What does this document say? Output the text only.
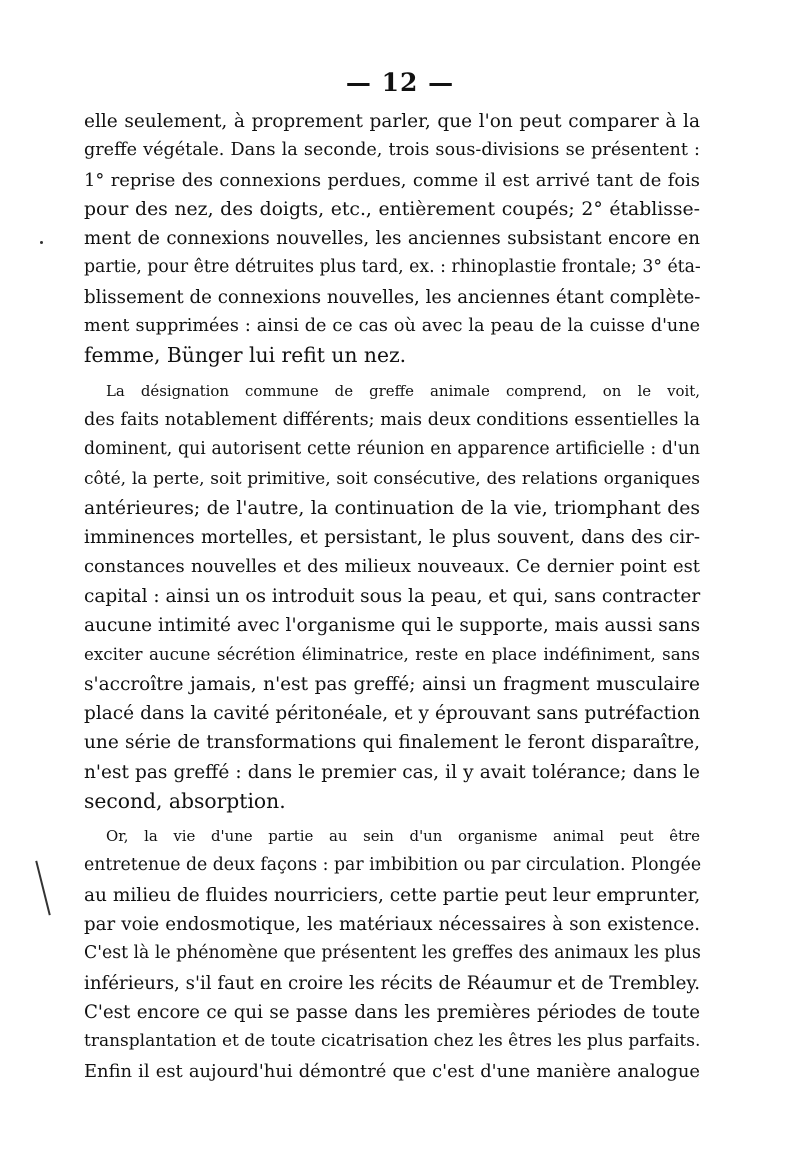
— 12 —
elle seulement, à proprement parler, que l'on peut comparer à la
greffe végétale. Dans la seconde, trois sous-divisions se présentent :
1° reprise des connexions perdues, comme il est arrivé tant de fois
pour des nez, des doigts, etc., entièrement coupés; 2° établisse-
ment de connexions nouvelles, les anciennes subsistant encore en
partie, pour être détruites plus tard, ex. : rhinoplastie frontale; 3° éta-
blissement de connexions nouvelles, les anciennes étant complète-
ment supprimées : ainsi de ce cas où avec la peau de la cuisse d'une
femme, Bünger lui refit un nez.
La désignation commune de greffe animale comprend, on le voit,
des faits notablement différents; mais deux conditions essentielles la
dominent, qui autorisent cette réunion en apparence artificielle : d'un
côté, la perte, soit primitive, soit consécutive, des relations organiques
antérieures; de l'autre, la continuation de la vie, triomphant des
imminences mortelles, et persistant, le plus souvent, dans des cir-
constances nouvelles et des milieux nouveaux. Ce dernier point est
capital : ainsi un os introduit sous la peau, et qui, sans contracter
aucune intimité avec l'organisme qui le supporte, mais aussi sans
exciter aucune sécrétion éliminatrice, reste en place indéfiniment, sans
s'accroître jamais, n'est pas greffé; ainsi un fragment musculaire
placé dans la cavité péritonéale, et y éprouvant sans putréfaction
une série de transformations qui finalement le feront disparaître,
n'est pas greffé : dans le premier cas, il y avait tolérance; dans le
second, absorption.
Or, la vie d'une partie au sein d'un organisme animal peut être
entretenue de deux façons : par imbibition ou par circulation. Plongée
au milieu de fluides nourriciers, cette partie peut leur emprunter,
par voie endosmotique, les matériaux nécessaires à son existence.
C'est là le phénomène que présentent les greffes des animaux les plus
inférieurs, s'il faut en croire les récits de Réaumur et de Trembley.
C'est encore ce qui se passe dans les premières périodes de toute
transplantation et de toute cicatrisation chez les êtres les plus parfaits.
Enfin il est aujourd'hui démontré que c'est d'une manière analogue
